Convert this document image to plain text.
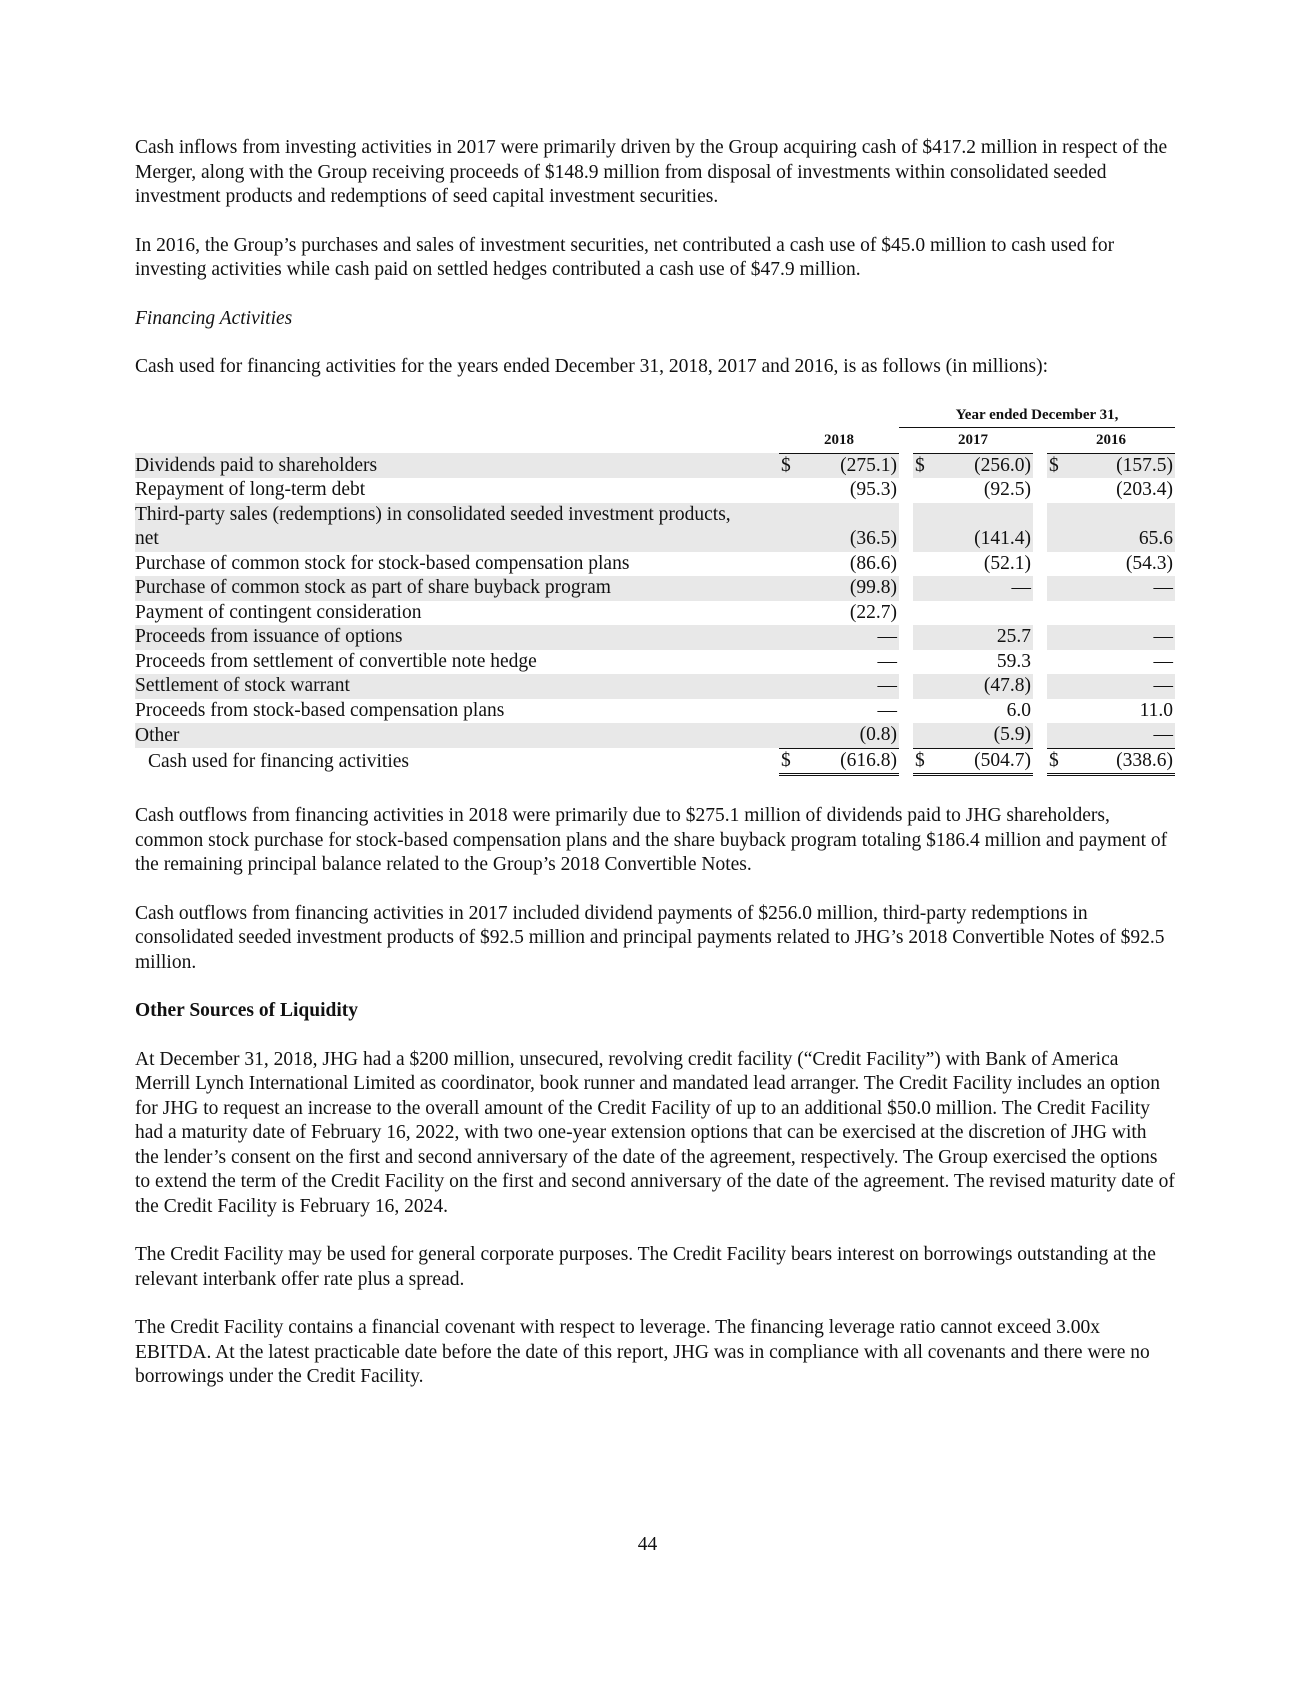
Cash inflows from investing activities in 2017 were primarily driven by the Group acquiring cash of $417.2 million in respect of the Merger, along with the Group receiving proceeds of $148.9 million from disposal of investments within consolidated seeded investment products and redemptions of seed capital investment securities.

In 2016, the Group’s purchases and sales of investment securities, net contributed a cash use of $45.0 million to cash used for investing activities while cash paid on settled hedges contributed a cash use of $47.9 million.

Financing Activities

Cash used for financing activities for the years ended December 31, 2018, 2017 and 2016, is as follows (in millions):

				Year ended December 31,					
	2018				2017			2016	
Dividends paid to shareholders	$	(275.1)			$	(256.0)		$	(157.5)
Repayment of long-term debt		(95.3)				(92.5)			(203.4)
Third-party sales (redemptions) in consolidated seeded investment products,									
net		(36.5)				(141.4)			65.6
Purchase of common stock for stock-based compensation plans		(86.6)				(52.1)			(54.3)
Purchase of common stock as part of share buyback program		(99.8)				—			—
Payment of contingent consideration		(22.7)							
Proceeds from issuance of options		—				25.7			—
Proceeds from settlement of convertible note hedge		—				59.3			—
Settlement of stock warrant		—				(47.8)			—
Proceeds from stock-based compensation plans		—				6.0			11.0
Other		(0.8)				(5.9)			—
Cash used for financing activities	$	(616.8)			$	(504.7)		$	(338.6)

Cash outflows from financing activities in 2018 were primarily due to $275.1 million of dividends paid to JHG shareholders, common stock purchase for stock-based compensation plans and the share buyback program totaling $186.4 million and payment of the remaining principal balance related to the Group’s 2018 Convertible Notes.

Cash outflows from financing activities in 2017 included dividend payments of $256.0 million, third-party redemptions in consolidated seeded investment products of $92.5 million and principal payments related to JHG’s 2018 Convertible Notes of $92.5 million.

Other Sources of Liquidity

At December 31, 2018, JHG had a $200 million, unsecured, revolving credit facility (“Credit Facility”) with Bank of America Merrill Lynch International Limited as coordinator, book runner and mandated lead arranger. The Credit Facility includes an option for JHG to request an increase to the overall amount of the Credit Facility of up to an additional $50.0 million. The Credit Facility had a maturity date of February 16, 2022, with two one-year extension options that can be exercised at the discretion of JHG with the lender’s consent on the first and second anniversary of the date of the agreement, respectively. The Group exercised the options to extend the term of the Credit Facility on the first and second anniversary of the date of the agreement. The revised maturity date of the Credit Facility is February 16, 2024.

The Credit Facility may be used for general corporate purposes. The Credit Facility bears interest on borrowings outstanding at the relevant interbank offer rate plus a spread.

The Credit Facility contains a financial covenant with respect to leverage. The financing leverage ratio cannot exceed 3.00x EBITDA. At the latest practicable date before the date of this report, JHG was in compliance with all covenants and there were no borrowings under the Credit Facility.

44
